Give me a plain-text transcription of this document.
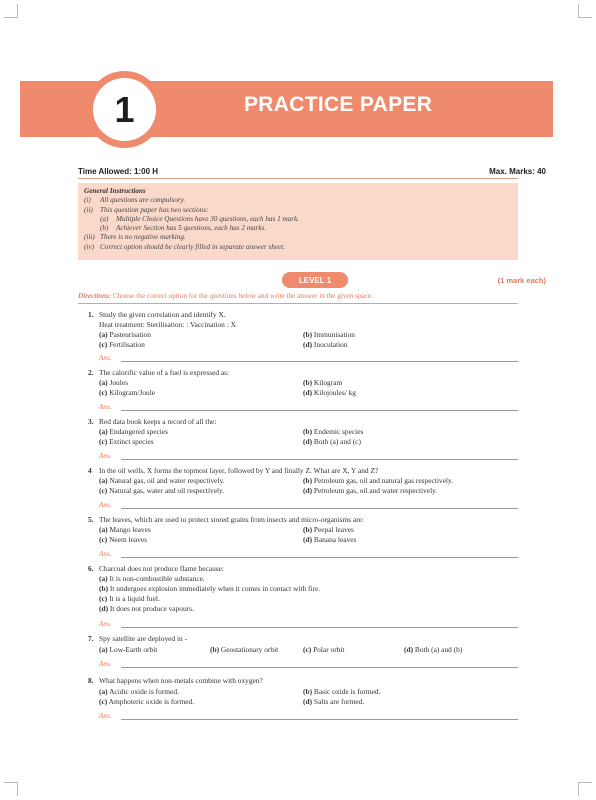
1	PRACTICE PAPER
Time Allowed: 1:00 H	Max. Marks: 40
General Instructions
(i)	All questions are compulsory.
(ii)	This question paper has two sections:
(a)	Multiple Choice Questions have 30 questions, each has 1 mark.
(b)	Achiever Section has 5 questions, each has 2 marks.
(iii) There is no negative marking.
(iv) Correct option should be clearly filled in separate answer sheet.
LEVEL 1	(1 mark each)
Directions: Choose the correct option for the questions below and write the answer in the given space.
1. Study the given correlation and identify X.
Heat treatment: Sterilisation: : Vaccination : X
(a) Pasteurisation	(b) Immunisation
(c) Fertilisation	(d) Inoculation
Ans.
2. The calorific value of a fuel is expressed as:
(a) Joules	(b) Kilogram
(c) Kilogram/Joule	(d) Kilojoules/ kg
Ans.
3. Red data book keeps a record of all the:
(a) Endangered species	(b) Endemic species
(c) Extinct species	(d) Both (a) and (c)
Ans.
4 In the oil wells, X forms the topmost layer, followed by Y and finally Z. What are X, Y and Z?
(a) Natural gas, oil and water respectively.	(b) Petroleum gas, oil and natural gas respectively.
(c) Natural gas, water and oil respectively.	(d) Petroleum gas, oil and water respectively.
Ans.
5. The leaves, which are used to protect stored grains from insects and micro-organisms are:
(a) Mango leaves	(b) Peepal leaves
(c) Neem leaves	(d) Banana leaves
Ans.
6. Charcoal does not produce flame because:
(a) It is non-combustible substance.
(b) It undergoes explosion immediately when it comes in contact with fire.
(c) It is a liquid fuel.
(d) It does not produce vapours.
Ans.
7. Spy satellite are deployed in -
(a) Low-Earth orbit	(b) Geostationary orbit	(c) Polar orbit	(d) Both (a) and (b)
Ans.
8. What happens when non-metals combine with oxygen?
(a) Acidic oxide is formed.	(b) Basic oxide is formed.
(c) Amphoteric oxide is formed.	(d) Salts are formed.
Ans.
